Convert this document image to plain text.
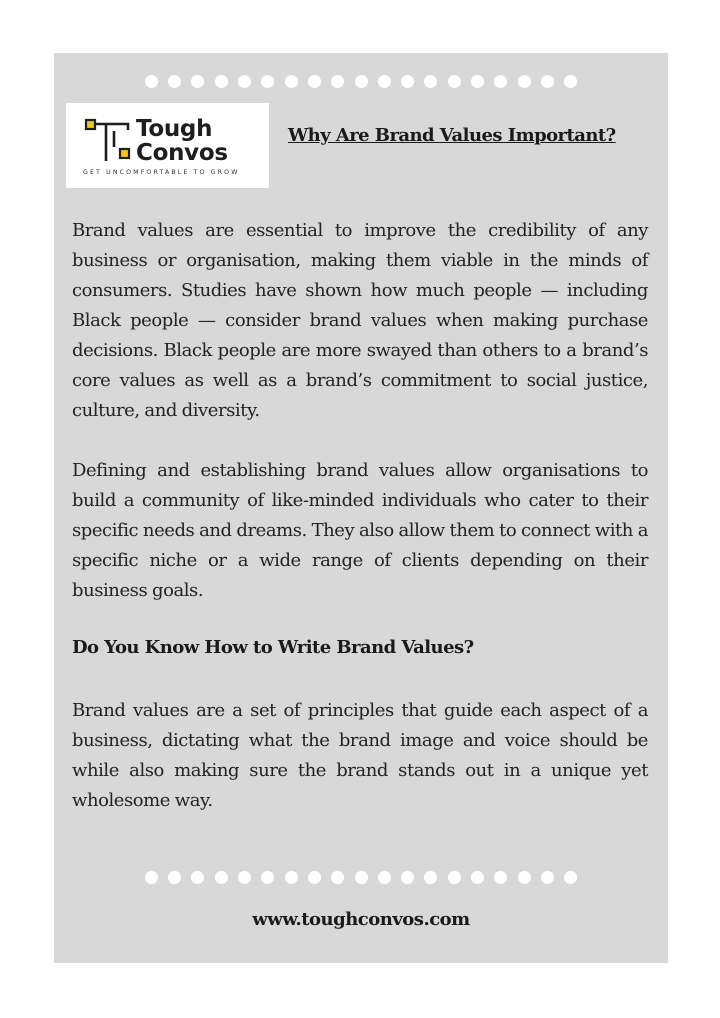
Tough
Convos
GET UNCOMFORTABLE TO GROW
Why Are Brand Values Important?

Brand values are essential to improve the credibility of any business or organisation, making them viable in the minds of consumers. Studies have shown how much people — including Black people — consider brand values when making purchase decisions. Black people are more swayed than others to a brand’s core values as well as a brand’s commitment to social justice, culture, and diversity.

Defining and establishing brand values allow organisations to build a community of like-minded individuals who cater to their specific needs and dreams. They also allow them to connect with a specific niche or a wide range of clients depending on their business goals.

Do You Know How to Write Brand Values?

Brand values are a set of principles that guide each aspect of a business, dictating what the brand image and voice should be while also making sure the brand stands out in a unique yet wholesome way.

www.toughconvos.com
